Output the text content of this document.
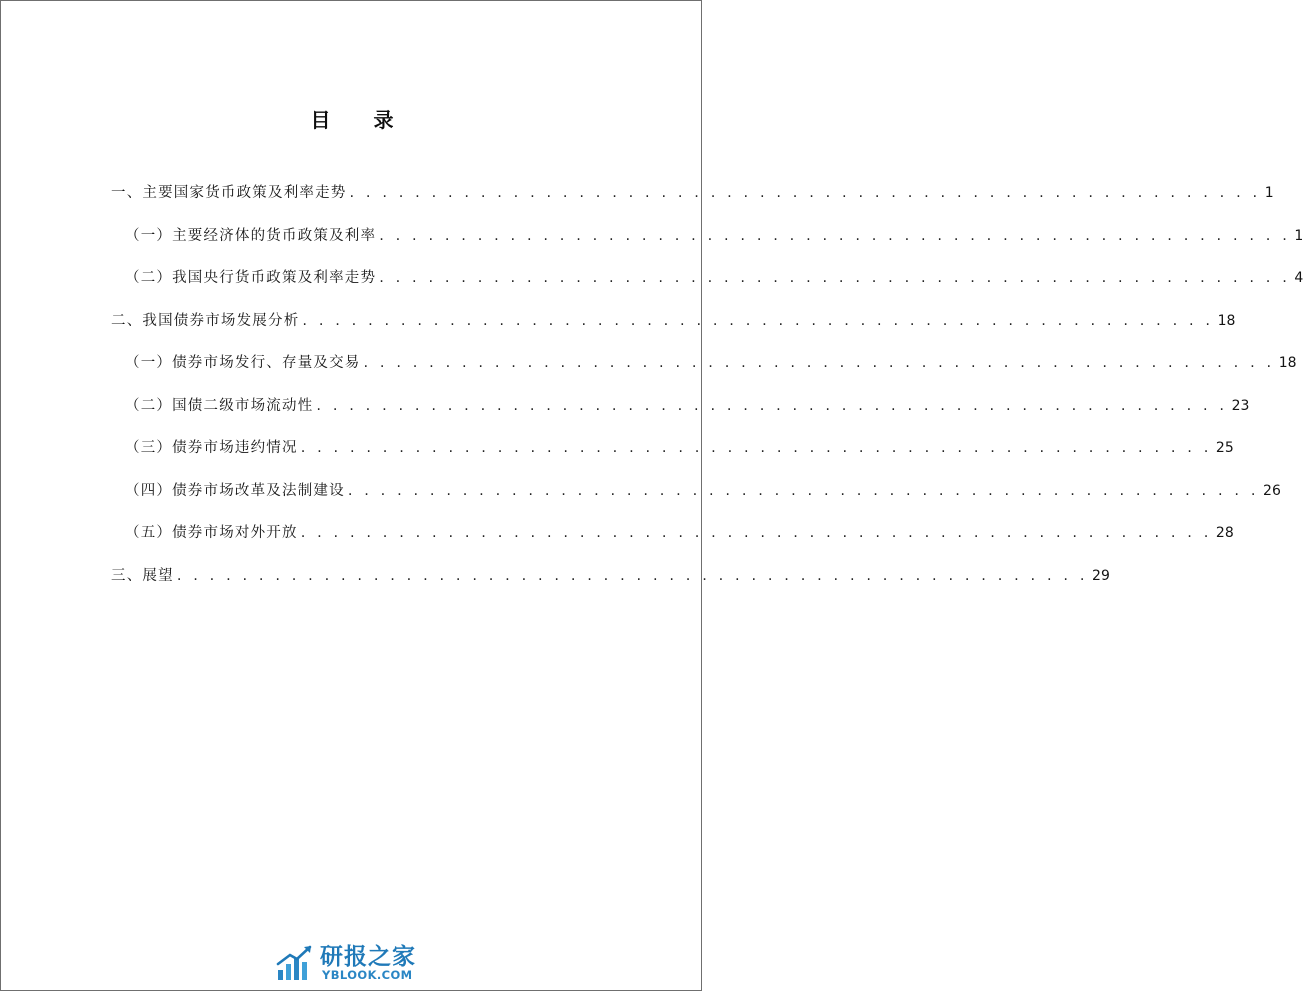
目 录
一、主要国家货币政策及利率走势 . . . . . . . . . . . . . . . . . . . . . . . . . . . . . . . . . . . . . . . . . . . . . . . . . . . . . . . . 1
（一）主要经济体的货币政策及利率 . . . . . . . . . . . . . . . . . . . . . . . . . . . . . . . . . . . . . . . . . . . . . . . . . . . . . . . . 1
（二）我国央行货币政策及利率走势 . . . . . . . . . . . . . . . . . . . . . . . . . . . . . . . . . . . . . . . . . . . . . . . . . . . . . . . . 4
二、我国债券市场发展分析 . . . . . . . . . . . . . . . . . . . . . . . . . . . . . . . . . . . . . . . . . . . . . . . . . . . . . . . . 18
（一）债券市场发行、存量及交易 . . . . . . . . . . . . . . . . . . . . . . . . . . . . . . . . . . . . . . . . . . . . . . . . . . . . . . . . 18
（二）国债二级市场流动性 . . . . . . . . . . . . . . . . . . . . . . . . . . . . . . . . . . . . . . . . . . . . . . . . . . . . . . . . 23
（三）债券市场违约情况 . . . . . . . . . . . . . . . . . . . . . . . . . . . . . . . . . . . . . . . . . . . . . . . . . . . . . . . . 25
（四）债券市场改革及法制建设 . . . . . . . . . . . . . . . . . . . . . . . . . . . . . . . . . . . . . . . . . . . . . . . . . . . . . . . . 26
（五）债券市场对外开放 . . . . . . . . . . . . . . . . . . . . . . . . . . . . . . . . . . . . . . . . . . . . . . . . . . . . . . . . 28
三、展望 . . . . . . . . . . . . . . . . . . . . . . . . . . . . . . . . . . . . . . . . . . . . . . . . . . . . . . . . 29
研报之家
YBLOOK.COM
